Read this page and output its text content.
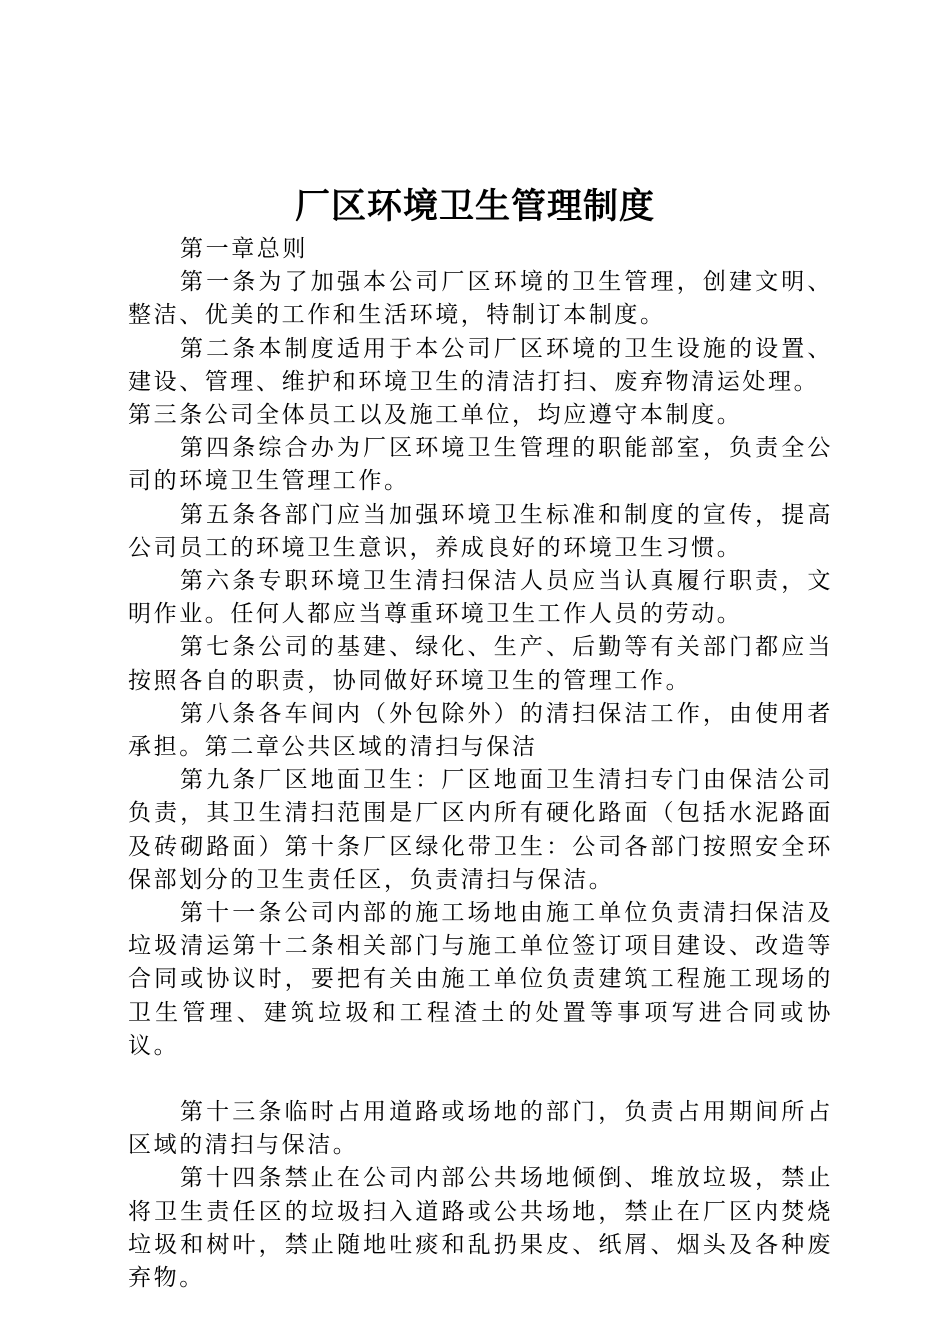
厂区环境卫生管理制度

第一章总则

第一条为了加强本公司厂区环境的卫生管理，创建文明、整洁、优美的工作和生活环境，特制订本制度。

第二条本制度适用于本公司厂区环境的卫生设施的设置、建设、管理、维护和环境卫生的清洁打扫、废弃物清运处理。

第三条公司全体员工以及施工单位，均应遵守本制度。

第四条综合办为厂区环境卫生管理的职能部室，负责全公司的环境卫生管理工作。

第五条各部门应当加强环境卫生标准和制度的宣传，提高公司员工的环境卫生意识，养成良好的环境卫生习惯。

第六条专职环境卫生清扫保洁人员应当认真履行职责，文明作业。任何人都应当尊重环境卫生工作人员的劳动。

第七条公司的基建、绿化、生产、后勤等有关部门都应当按照各自的职责，协同做好环境卫生的管理工作。

第八条各车间内（外包除外）的清扫保洁工作，由使用者承担。第二章公共区域的清扫与保洁

第九条厂区地面卫生：厂区地面卫生清扫专门由保洁公司负责，其卫生清扫范围是厂区内所有硬化路面（包括水泥路面及砖砌路面）第十条厂区绿化带卫生：公司各部门按照安全环保部划分的卫生责任区，负责清扫与保洁。

第十一条公司内部的施工场地由施工单位负责清扫保洁及垃圾清运第十二条相关部门与施工单位签订项目建设、改造等合同或协议时，要把有关由施工单位负责建筑工程施工现场的卫生管理、建筑垃圾和工程渣土的处置等事项写进合同或协议。

第十三条临时占用道路或场地的部门，负责占用期间所占区域的清扫与保洁。

第十四条禁止在公司内部公共场地倾倒、堆放垃圾，禁止将卫生责任区的垃圾扫入道路或公共场地，禁止在厂区内焚烧垃圾和树叶，禁止随地吐痰和乱扔果皮、纸屑、烟头及各种废弃物。
